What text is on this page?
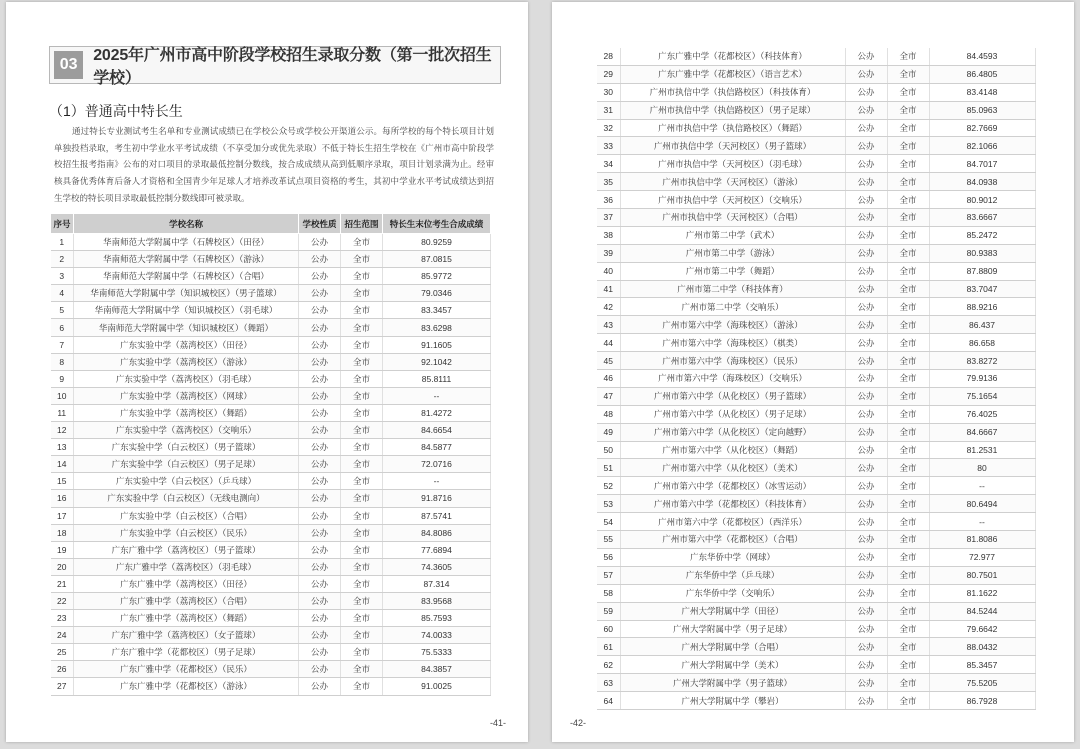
03
2025年广州市高中阶段学校招生录取分数（第一批次招生学校）
（1）普通高中特长生

通过特长专业测试考生名单和专业测试成绩已在学校公众号或学校公开渠道公示。每所学校的每个特长项目计划单独投档录取，考生初中学业水平考试成绩（不享受加分或优先录取）不低于特长生招生学校在《广州市高中阶段学校招生报考指南》公布的对口项目的录取最低控制分数线，按合成成绩从高到低顺序录取，项目计划录满为止。经审核具备优秀体育后备人才资格和全国青少年足球人才培养改革试点项目资格的考生，其初中学业水平考试成绩达到招生学校的特长项目录取最低控制分数线即可被录取。

序号	学校名称	学校性质	招生范围	特长生末位考生合成成绩
1	华南师范大学附属中学（石牌校区）（田径）	公办	全市	80.9259
2	华南师范大学附属中学（石牌校区）（游泳）	公办	全市	87.0815
3	华南师范大学附属中学（石牌校区）（合唱）	公办	全市	85.9772
4	华南师范大学附属中学（知识城校区）（男子篮球）	公办	全市	79.0346
5	华南师范大学附属中学（知识城校区）（羽毛球）	公办	全市	83.3457
6	华南师范大学附属中学（知识城校区）（舞蹈）	公办	全市	83.6298
7	广东实验中学（荔湾校区）（田径）	公办	全市	91.1605
8	广东实验中学（荔湾校区）（游泳）	公办	全市	92.1042
9	广东实验中学（荔湾校区）（羽毛球）	公办	全市	85.8111
10	广东实验中学（荔湾校区）（网球）	公办	全市	--
11	广东实验中学（荔湾校区）（舞蹈）	公办	全市	81.4272
12	广东实验中学（荔湾校区）（交响乐）	公办	全市	84.6654
13	广东实验中学（白云校区）（男子篮球）	公办	全市	84.5877
14	广东实验中学（白云校区）（男子足球）	公办	全市	72.0716
15	广东实验中学（白云校区）（乒乓球）	公办	全市	--
16	广东实验中学（白云校区）（无线电测向）	公办	全市	91.8716
17	广东实验中学（白云校区）（合唱）	公办	全市	87.5741
18	广东实验中学（白云校区）（民乐）	公办	全市	84.8086
19	广东广雅中学（荔湾校区）（男子篮球）	公办	全市	77.6894
20	广东广雅中学（荔湾校区）（羽毛球）	公办	全市	74.3605
21	广东广雅中学（荔湾校区）（田径）	公办	全市	87.314
22	广东广雅中学（荔湾校区）（合唱）	公办	全市	83.9568
23	广东广雅中学（荔湾校区）（舞蹈）	公办	全市	85.7593
24	广东广雅中学（荔湾校区）（女子篮球）	公办	全市	74.0033
25	广东广雅中学（花都校区）（男子足球）	公办	全市	75.5333
26	广东广雅中学（花都校区）（民乐）	公办	全市	84.3857
27	广东广雅中学（花都校区）（游泳）	公办	全市	91.0025
-41-
28	广东广雅中学（花都校区）（科技体育）	公办	全市	84.4593
29	广东广雅中学（花都校区）（语言艺术）	公办	全市	86.4805
30	广州市执信中学（执信路校区）（科技体育）	公办	全市	83.4148
31	广州市执信中学（执信路校区）（男子足球）	公办	全市	85.0963
32	广州市执信中学（执信路校区）（舞蹈）	公办	全市	82.7669
33	广州市执信中学（天河校区）（男子篮球）	公办	全市	82.1066
34	广州市执信中学（天河校区）（羽毛球）	公办	全市	84.7017
35	广州市执信中学（天河校区）（游泳）	公办	全市	84.0938
36	广州市执信中学（天河校区）（交响乐）	公办	全市	80.9012
37	广州市执信中学（天河校区）（合唱）	公办	全市	83.6667
38	广州市第二中学（武术）	公办	全市	85.2472
39	广州市第二中学（游泳）	公办	全市	80.9383
40	广州市第二中学（舞蹈）	公办	全市	87.8809
41	广州市第二中学（科技体育）	公办	全市	83.7047
42	广州市第二中学（交响乐）	公办	全市	88.9216
43	广州市第六中学（海珠校区）（游泳）	公办	全市	86.437
44	广州市第六中学（海珠校区）（棋类）	公办	全市	86.658
45	广州市第六中学（海珠校区）（民乐）	公办	全市	83.8272
46	广州市第六中学（海珠校区）（交响乐）	公办	全市	79.9136
47	广州市第六中学（从化校区）（男子篮球）	公办	全市	75.1654
48	广州市第六中学（从化校区）（男子足球）	公办	全市	76.4025
49	广州市第六中学（从化校区）（定向越野）	公办	全市	84.6667
50	广州市第六中学（从化校区）（舞蹈）	公办	全市	81.2531
51	广州市第六中学（从化校区）（美术）	公办	全市	80
52	广州市第六中学（花都校区）（冰雪运动）	公办	全市	--
53	广州市第六中学（花都校区）（科技体育）	公办	全市	80.6494
54	广州市第六中学（花都校区）（西洋乐）	公办	全市	--
55	广州市第六中学（花都校区）（合唱）	公办	全市	81.8086
56	广东华侨中学（网球）	公办	全市	72.977
57	广东华侨中学（乒乓球）	公办	全市	80.7501
58	广东华侨中学（交响乐）	公办	全市	81.1622
59	广州大学附属中学（田径）	公办	全市	84.5244
60	广州大学附属中学（男子足球）	公办	全市	79.6642
61	广州大学附属中学（合唱）	公办	全市	88.0432
62	广州大学附属中学（美术）	公办	全市	85.3457
63	广州大学附属中学（男子篮球）	公办	全市	75.5205
64	广州大学附属中学（攀岩）	公办	全市	86.7928
-42-
